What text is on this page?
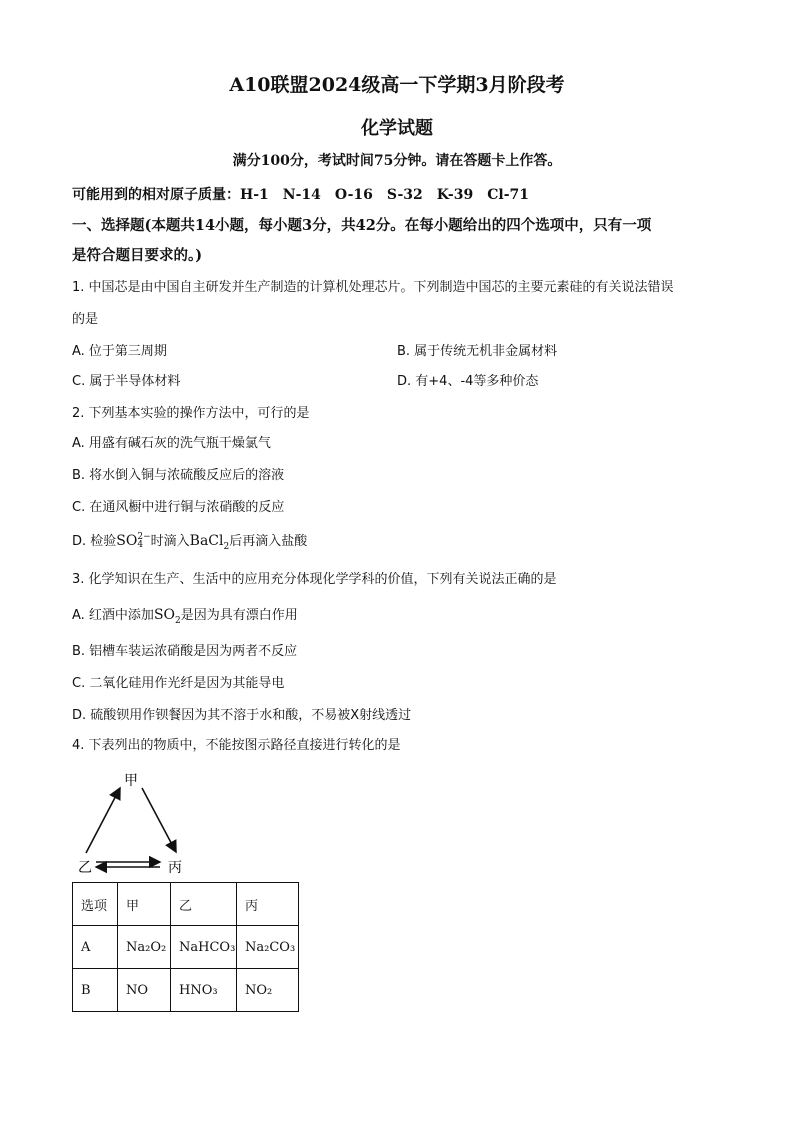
A10联盟2024级高一下学期3月阶段考
化学试题
满分100分，考试时间75分钟。请在答题卡上作答。
可能用到的相对原子质量：H-1　N-14　O-16　S-32　K-39　Cl-71
一、选择题(本题共14小题，每小题3分，共42分。在每小题给出的四个选项中，只有一项
是符合题目要求的。)
1. 中国芯是由中国自主研发并生产制造的计算机处理芯片。下列制造中国芯的主要元素硅的有关说法错误
的是
A. 位于第三周期	B. 属于传统无机非金属材料
C. 属于半导体材料	D. 有+4、-4等多种价态
2. 下列基本实验的操作方法中，可行的是
A. 用盛有碱石灰的洗气瓶干燥氯气
B. 将水倒入铜与浓硫酸反应后的溶液
C. 在通风橱中进行铜与浓硝酸的反应
D. 检验SO 2−
4 时滴入BaCl$_2$后再滴入盐酸
3. 化学知识在生产、生活中的应用充分体现化学学科的价值，下列有关说法正确的是
A. 红酒中添加$SO_2$是因为具有漂白作用
B. 铝槽车装运浓硝酸是因为两者不反应
C. 二氧化硅用作光纤是因为其能导电
D. 硫酸钡用作钡餐因为其不溶于水和酸，不易被X射线透过
4. 下表列出的物质中，不能按图示路径直接进行转化的是
甲
乙	丙
选项	甲	乙	丙
A	Na₂O₂	NaHCO₃	Na₂CO₃
B	NO	HNO₃	NO₂
